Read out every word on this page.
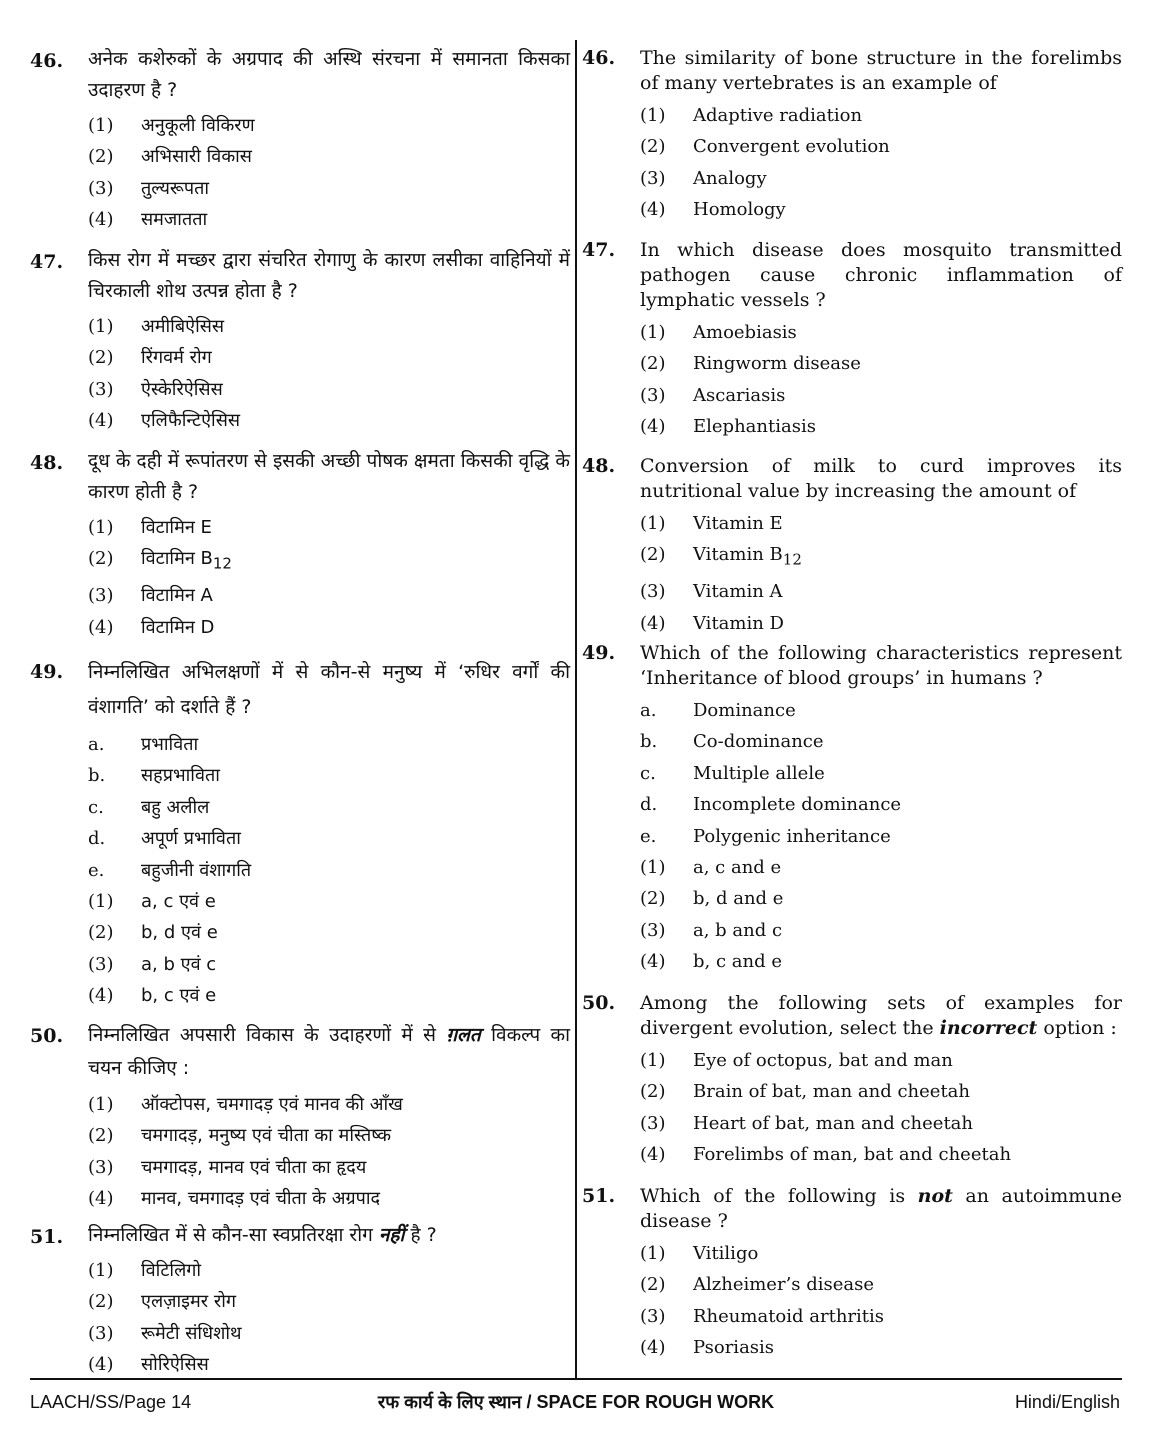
46. अनेक कशेरुकों के अग्रपाद की अस्थि संरचना में समानता किसका उदाहरण है ?
(1) अनुकूली विकिरण
(2) अभिसारी विकास
(3) तुल्यरूपता
(4) समजातता
47. किस रोग में मच्छर द्वारा संचरित रोगाणु के कारण लसीका वाहिनियों में चिरकाली शोथ उत्पन्न होता है ?
(1) अमीबिऐसिस
(2) रिंगवर्म रोग
(3) ऐस्केरिऐसिस
(4) एलिफैन्टिऐसिस
48. दूध के दही में रूपांतरण से इसकी अच्छी पोषक क्षमता किसकी वृद्धि के कारण होती है ?
(1) विटामिन E
(2) विटामिन $B_{12}$
(3) विटामिन A
(4) विटामिन D
49. निम्नलिखित अभिलक्षणों में से कौन-से मनुष्य में ‘रुधिर वर्गों की वंशागति’ को दर्शाते हैं ?
a. प्रभाविता
b. सहप्रभाविता
c. बहु अलील
d. अपूर्ण प्रभाविता
e. बहुजीनी वंशागति
(1) a, c एवं e
(2) b, d एवं e
(3) a, b एवं c
(4) b, c एवं e
50. निम्नलिखित अपसारी विकास के उदाहरणों में से ग़लत विकल्प का चयन कीजिए :
(1) ऑक्टोपस, चमगादड़ एवं मानव की आँख
(2) चमगादड़, मनुष्य एवं चीता का मस्तिष्क
(3) चमगादड़, मानव एवं चीता का हृदय
(4) मानव, चमगादड़ एवं चीता के अग्रपाद
51. निम्नलिखित में से कौन-सा स्वप्रतिरक्षा रोग नहीं है ?
(1) विटिलिगो
(2) एलज़ाइमर रोग
(3) रूमेटी संधिशोथ
(4) सोरिऐसिस
46. The similarity of bone structure in the forelimbs of many vertebrates is an example of
(1) Adaptive radiation
(2) Convergent evolution
(3) Analogy
(4) Homology
47. In which disease does mosquito transmitted pathogen cause chronic inflammation of lymphatic vessels ?
(1) Amoebiasis
(2) Ringworm disease
(3) Ascariasis
(4) Elephantiasis
48. Conversion of milk to curd improves its nutritional value by increasing the amount of
(1) Vitamin E
(2) Vitamin $B_{12}$
(3) Vitamin A
(4) Vitamin D
49. Which of the following characteristics represent ‘Inheritance of blood groups’ in humans ?
a. Dominance
b. Co-dominance
c. Multiple allele
d. Incomplete dominance
e. Polygenic inheritance
(1) a, c and e
(2) b, d and e
(3) a, b and c
(4) b, c and e
50. Among the following sets of examples for divergent evolution, select the incorrect option :
(1) Eye of octopus, bat and man
(2) Brain of bat, man and cheetah
(3) Heart of bat, man and cheetah
(4) Forelimbs of man, bat and cheetah
51. Which of the following is not an autoimmune disease ?
(1) Vitiligo
(2) Alzheimer’s disease
(3) Rheumatoid arthritis
(4) Psoriasis
रफ कार्य के लिए स्थान / SPACE FOR ROUGH WORK
LAACH/SS/Page 14	Hindi/English
